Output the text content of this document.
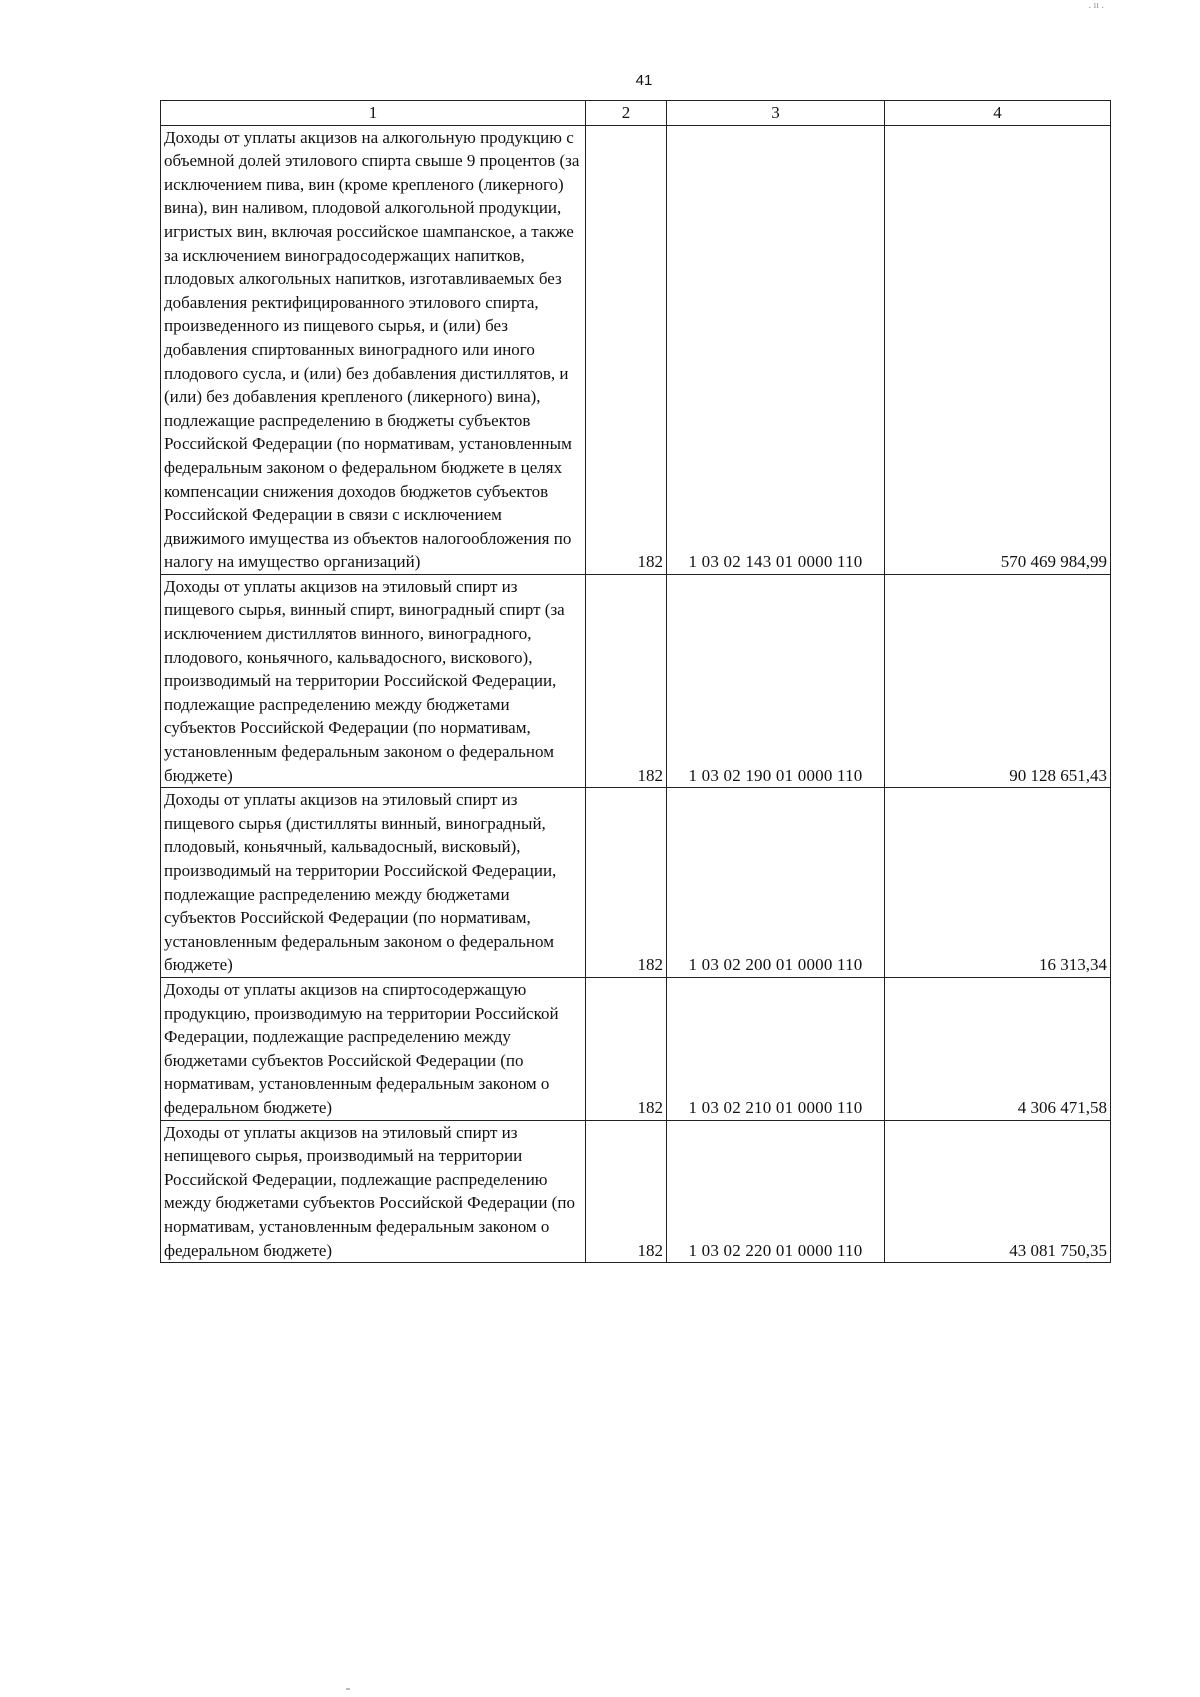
. ıı .
41
1	2	3	4
Доходы от уплаты акцизов на алкогольную продукцию с объемной долей этилового спирта свыше 9 процентов (за исключением пива, вин (кроме крепленого (ликерного) вина), вин наливом, плодовой алкогольной продукции, игристых вин, включая российское шампанское, а также за исключением виноградосодержащих напитков, плодовых алкогольных напитков, изготавливаемых без добавления ректифицированного этилового спирта, произведенного из пищевого сырья, и (или) без добавления спиртованных виноградного или иного плодового сусла, и (или) без добавления дистиллятов, и (или) без добавления крепленого (ликерного) вина), подлежащие распределению в бюджеты субъектов Российской Федерации (по нормативам, установленным федеральным законом о федеральном бюджете в целях компенсации снижения доходов бюджетов субъектов Российской Федерации в связи с исключением движимого имущества из объектов налогообложения по налогу на имущество организаций)	182	1 03 02 143 01 0000 110	570 469 984,99
Доходы от уплаты акцизов на этиловый спирт из пищевого сырья, винный спирт, виноградный спирт (за исключением дистиллятов винного, виноградного, плодового, коньячного, кальвадосного, вискового), производимый на территории Российской Федерации, подлежащие распределению между бюджетами субъектов Российской Федерации (по нормативам, установленным федеральным законом о федеральном бюджете)	182	1 03 02 190 01 0000 110	90 128 651,43
Доходы от уплаты акцизов на этиловый спирт из пищевого сырья (дистилляты винный, виноградный, плодовый, коньячный, кальвадосный, висковый), производимый на территории Российской Федерации, подлежащие распределению между бюджетами субъектов Российской Федерации (по нормативам, установленным федеральным законом о федеральном бюджете)	182	1 03 02 200 01 0000 110	16 313,34
Доходы от уплаты акцизов на спиртосодержащую продукцию, производимую на территории Российской Федерации, подлежащие распределению между бюджетами субъектов Российской Федерации (по нормативам, установленным федеральным законом о федеральном бюджете)	182	1 03 02 210 01 0000 110	4 306 471,58
Доходы от уплаты акцизов на этиловый спирт из непищевого сырья, производимый на территории Российской Федерации, подлежащие распределению между бюджетами субъектов Российской Федерации (по нормативам, установленным федеральным законом о федеральном бюджете)	182	1 03 02 220 01 0000 110	43 081 750,35
